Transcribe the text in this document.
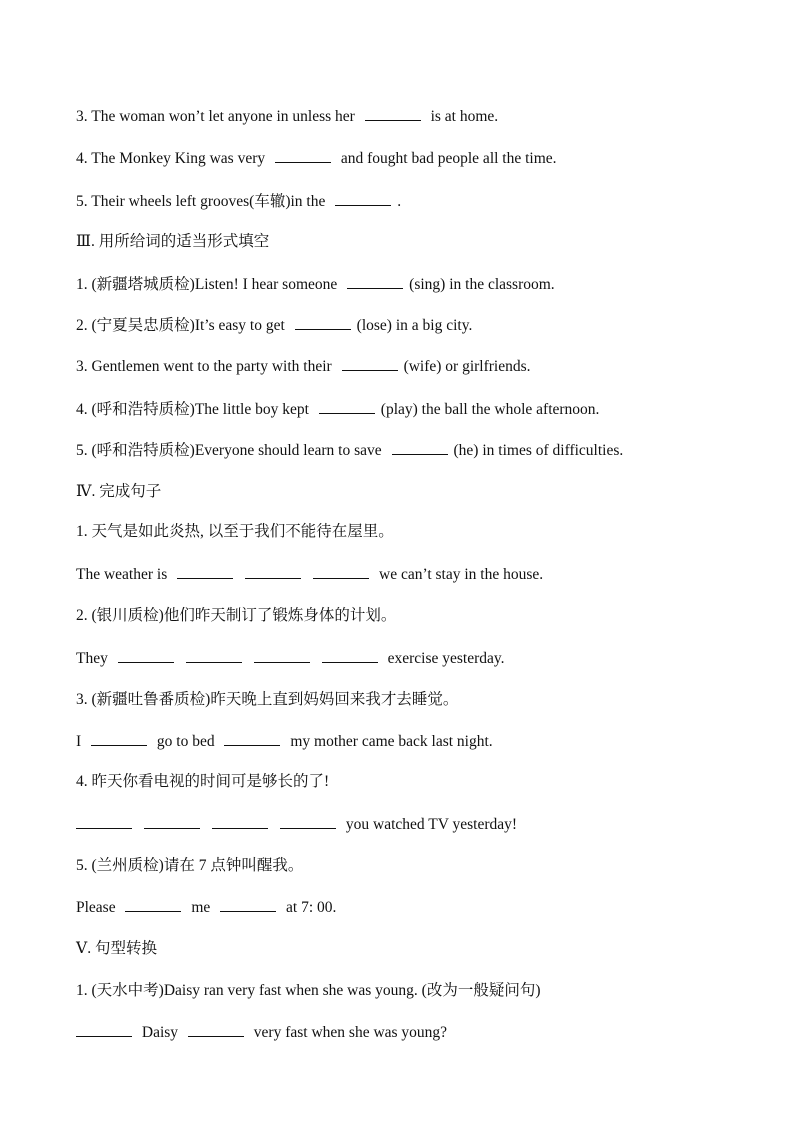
3. The woman won’t let anyone in unless her	is at home.

4. The Monkey King was very	and fought bad people all the time.

5. Their wheels left grooves(车辙)in the	.

Ⅲ. 用所给词的适当形式填空

1. (新疆塔城质检)Listen! I hear someone	(sing) in the classroom.

2. (宁夏吴忠质检)It’s easy to get	(lose) in a big city.

3. Gentlemen went to the party with their	(wife) or girlfriends.

4. (呼和浩特质检)The little boy kept	(play) the ball the whole afternoon.

5. (呼和浩特质检)Everyone should learn to save	(he) in times of difficulties.

Ⅳ. 完成句子

1. 天气是如此炎热, 以至于我们不能待在屋里。

The weather is	we can’t stay in the house.

2. (银川质检)他们昨天制订了锻炼身体的计划。

They	exercise yesterday.

3. (新疆吐鲁番质检)昨天晚上直到妈妈回来我才去睡觉。

I	go to bed	my mother came back last night.

4. 昨天你看电视的时间可是够长的了!

you watched TV yesterday!

5. (兰州质检)请在 7 点钟叫醒我。

Please	me	at 7: 00.

Ⅴ. 句型转换

1. (天水中考)Daisy ran very fast when she was young. (改为一般疑问句)

Daisy	very fast when she was young?
